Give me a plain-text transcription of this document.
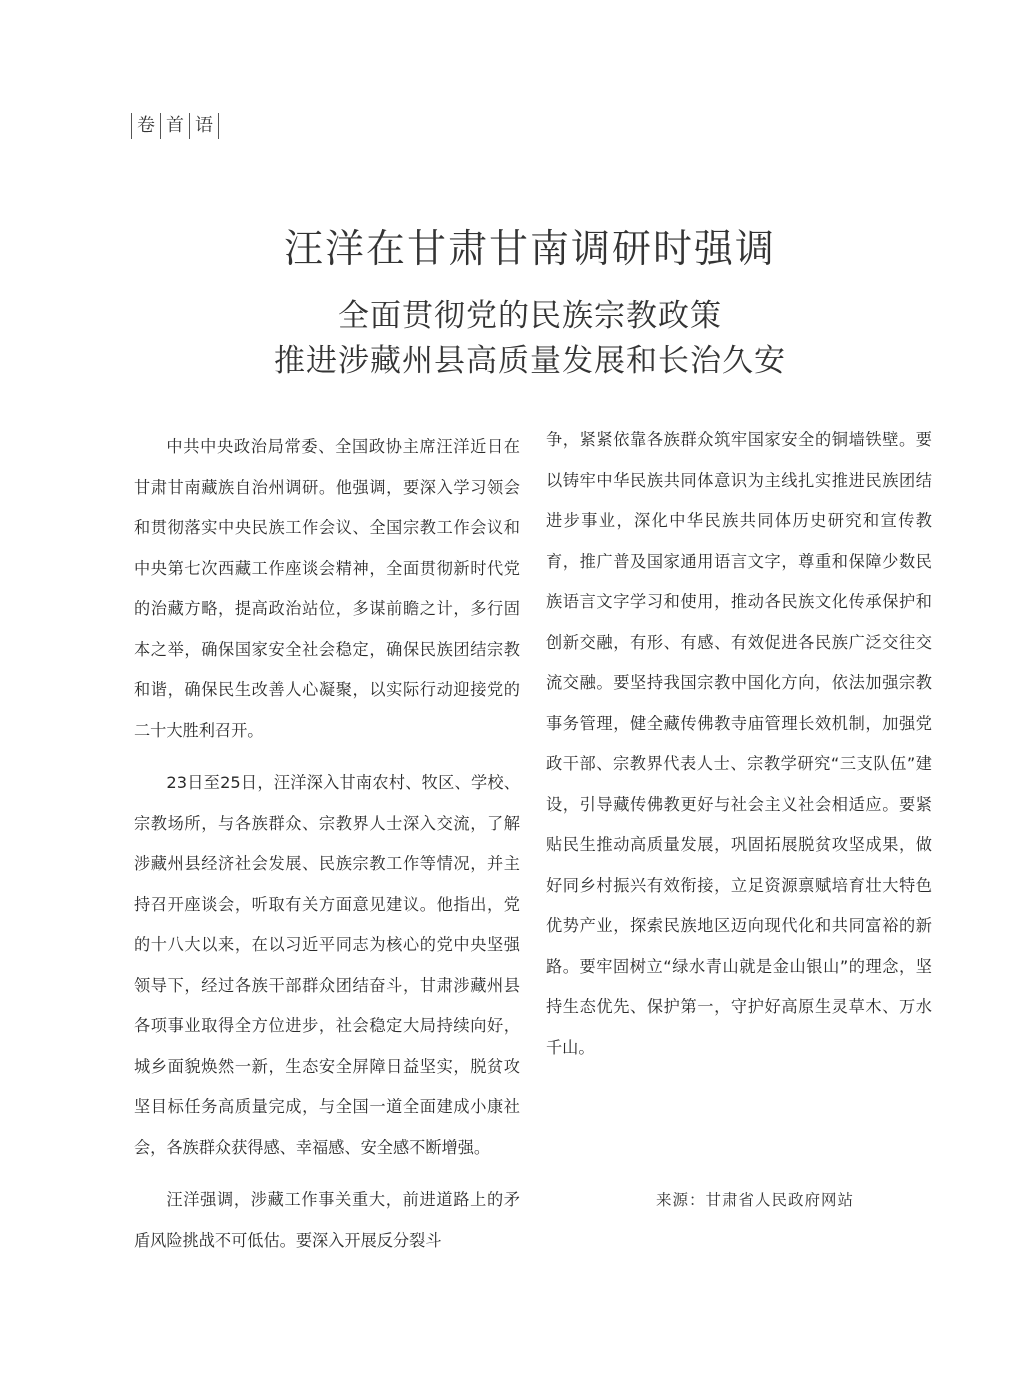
卷 首 语
汪洋在甘肃甘南调研时强调
全面贯彻党的民族宗教政策
推进涉藏州县高质量发展和长治久安

中共中央政治局常委、全国政协主席汪洋近日在甘肃甘南藏族自治州调研。他强调，要深入学习领会和贯彻落实中央民族工作会议、全国宗教工作会议和中央第七次西藏工作座谈会精神，全面贯彻新时代党的治藏方略，提高政治站位，多谋前瞻之计，多行固本之举，确保国家安全社会稳定，确保民族团结宗教和谐，确保民生改善人心凝聚，以实际行动迎接党的二十大胜利召开。

23日至25日，汪洋深入甘南农村、牧区、学校、宗教场所，与各族群众、宗教界人士深入交流，了解涉藏州县经济社会发展、民族宗教工作等情况，并主持召开座谈会，听取有关方面意见建议。他指出，党的十八大以来，在以习近平同志为核心的党中央坚强领导下，经过各族干部群众团结奋斗，甘肃涉藏州县各项事业取得全方位进步，社会稳定大局持续向好，城乡面貌焕然一新，生态安全屏障日益坚实，脱贫攻坚目标任务高质量完成，与全国一道全面建成小康社会，各族群众获得感、幸福感、安全感不断增强。

汪洋强调，涉藏工作事关重大，前进道路上的矛盾风险挑战不可低估。要深入开展反分裂斗

争，紧紧依靠各族群众筑牢国家安全的铜墙铁壁。要以铸牢中华民族共同体意识为主线扎实推进民族团结进步事业，深化中华民族共同体历史研究和宣传教育，推广普及国家通用语言文字，尊重和保障少数民族语言文字学习和使用，推动各民族文化传承保护和创新交融，有形、有感、有效促进各民族广泛交往交流交融。要坚持我国宗教中国化方向，依法加强宗教事务管理，健全藏传佛教寺庙管理长效机制，加强党政干部、宗教界代表人士、宗教学研究“三支队伍”建设，引导藏传佛教更好与社会主义社会相适应。要紧贴民生推动高质量发展，巩固拓展脱贫攻坚成果，做好同乡村振兴有效衔接，立足资源禀赋培育壮大特色优势产业，探索民族地区迈向现代化和共同富裕的新路。要牢固树立“绿水青山就是金山银山”的理念，坚持生态优先、保护第一，守护好高原生灵草木、万水千山。

来源：甘肃省人民政府网站
